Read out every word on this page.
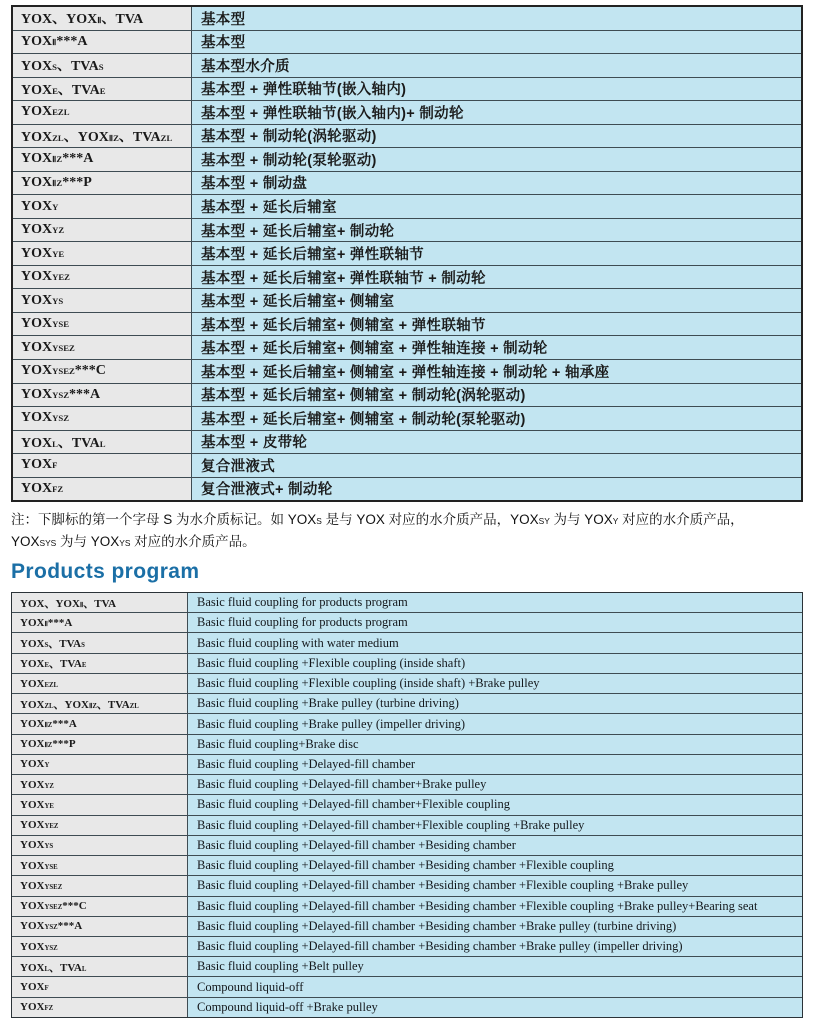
YOX、YOXⅡ、TVA	基本型
YOXⅡ***A	基本型
YOXS、TVAS	基本型水介质
YOXE、TVAE	基本型 + 弹性联轴节(嵌入轴内)
YOXEZL	基本型 + 弹性联轴节(嵌入轴内)+ 制动轮
YOXZL、YOXⅡZ、TVAZL 基本型 + 制动轮(涡轮驱动)
YOXⅡZ***A	基本型 + 制动轮(泵轮驱动)
YOXⅡZ***P	基本型 + 制动盘
YOXY	基本型 + 延长后辅室
YOXYZ	基本型 + 延长后辅室+ 制动轮
YOXYE	基本型 + 延长后辅室+ 弹性联轴节
YOXYEZ	基本型 + 延长后辅室+ 弹性联轴节 + 制动轮
YOXYS	基本型 + 延长后辅室+ 侧辅室
YOXYSE	基本型 + 延长后辅室+ 侧辅室 + 弹性联轴节
YOXYSEZ	基本型 + 延长后辅室+ 侧辅室 + 弹性轴连接 + 制动轮
YOXYSEZ***C	基本型 + 延长后辅室+ 侧辅室 + 弹性轴连接 + 制动轮 + 轴承座
YOXYSZ***A	基本型 + 延长后辅室+ 侧辅室 + 制动轮(涡轮驱动)
YOXYSZ	基本型 + 延长后辅室+ 侧辅室 + 制动轮(泵轮驱动)
YOXL、TVAL	基本型 + 皮带轮
YOXF	复合泄液式
YOXFZ	复合泄液式+ 制动轮
注：下脚标的第一个字母 S 为水介质标记。如 YOXS 是与 YOX 对应的水介质产品，YOXSY 为与 YOXY 对应的水介质产品，
YOXSYS 为与 YOXYS 对应的水介质产品。
Products program
YOX、YOXⅡ、TVA	Basic fluid coupling for products program
YOXⅡ***A	Basic fluid coupling for products program
YOXS、TVAS	Basic fluid coupling with water medium
YOXE、TVAE	Basic fluid coupling +Flexible coupling (inside shaft)
YOXEZL	Basic fluid coupling +Flexible coupling (inside shaft) +Brake pulley
YOXZL、YOXⅡZ、TVAZL	Basic fluid coupling +Brake pulley (turbine driving)
YOXⅡZ***A	Basic fluid coupling +Brake pulley (impeller driving)
YOXⅡZ***P	Basic fluid coupling+Brake disc
YOXY	Basic fluid coupling +Delayed-fill chamber
YOXYZ	Basic fluid coupling +Delayed-fill chamber+Brake pulley
YOXYE	Basic fluid coupling +Delayed-fill chamber+Flexible coupling
YOXYEZ	Basic fluid coupling +Delayed-fill chamber+Flexible coupling +Brake pulley
YOXYS	Basic fluid coupling +Delayed-fill chamber +Besiding chamber
YOXYSE	Basic fluid coupling +Delayed-fill chamber +Besiding chamber +Flexible coupling
YOXYSEZ	Basic fluid coupling +Delayed-fill chamber +Besiding chamber +Flexible coupling +Brake pulley
YOXYSEZ***C	Basic fluid coupling +Delayed-fill chamber +Besiding chamber +Flexible coupling +Brake pulley+Bearing seat
YOXYSZ***A	Basic fluid coupling +Delayed-fill chamber +Besiding chamber +Brake pulley (turbine driving)
YOXYSZ	Basic fluid coupling +Delayed-fill chamber +Besiding chamber +Brake pulley (impeller driving)
YOXL、TVAL	Basic fluid coupling +Belt pulley
YOXF	Compound liquid-off
YOXFZ	Compound liquid-off +Brake pulley
